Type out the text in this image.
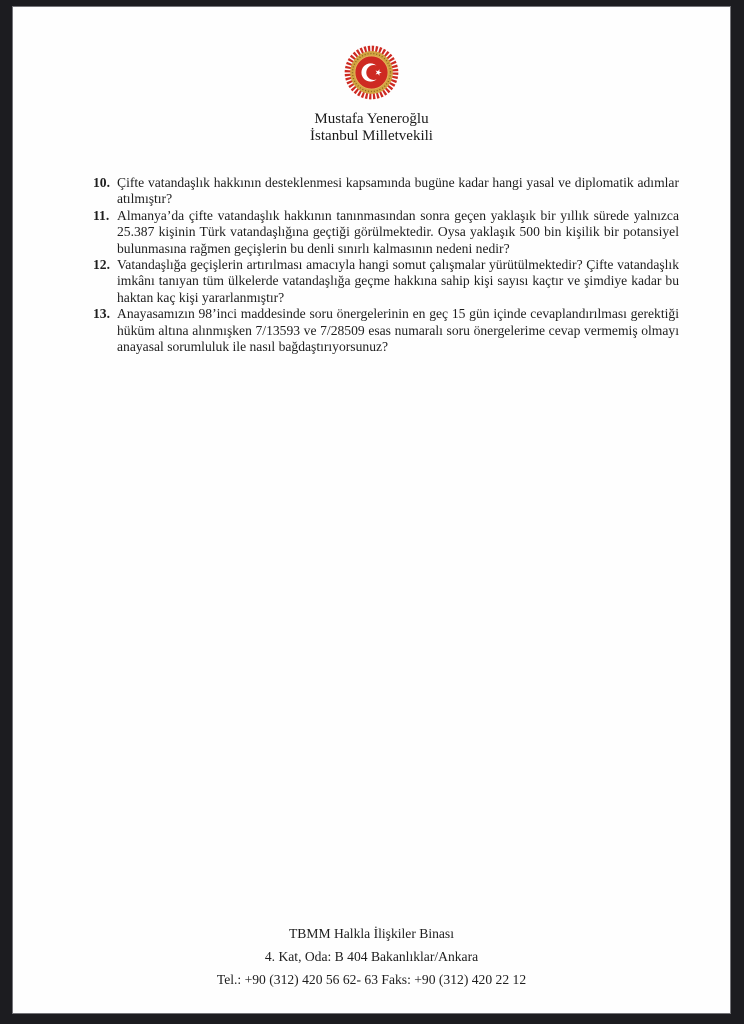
Mustafa Yeneroğlu
İstanbul Milletvekili
10. Çifte vatandaşlık hakkının desteklenmesi kapsamında bugüne kadar hangi yasal ve diplomatik adımlar atılmıştır?
11. Almanya’da çifte vatandaşlık hakkının tanınmasından sonra geçen yaklaşık bir yıllık sürede yalnızca 25.387 kişinin Türk vatandaşlığına geçtiği görülmektedir. Oysa yaklaşık 500 bin kişilik bir potansiyel bulunmasına rağmen geçişlerin bu denli sınırlı kalmasının nedeni nedir?
12. Vatandaşlığa geçişlerin artırılması amacıyla hangi somut çalışmalar yürütülmektedir? Çifte vatandaşlık imkânı tanıyan tüm ülkelerde vatandaşlığa geçme hakkına sahip kişi sayısı kaçtır ve şimdiye kadar bu haktan kaç kişi yararlanmıştır?
13. Anayasamızın 98’inci maddesinde soru önergelerinin en geç 15 gün içinde cevaplandırılması gerektiği hüküm altına alınmışken 7/13593 ve 7/28509 esas numaralı soru önergelerime cevap vermemiş olmayı anayasal sorumluluk ile nasıl bağdaştırıyorsunuz?
TBMM Halkla İlişkiler Binası
4. Kat, Oda: B 404 Bakanlıklar/Ankara
Tel.: +90 (312) 420 56 62- 63 Faks: +90 (312) 420 22 12
